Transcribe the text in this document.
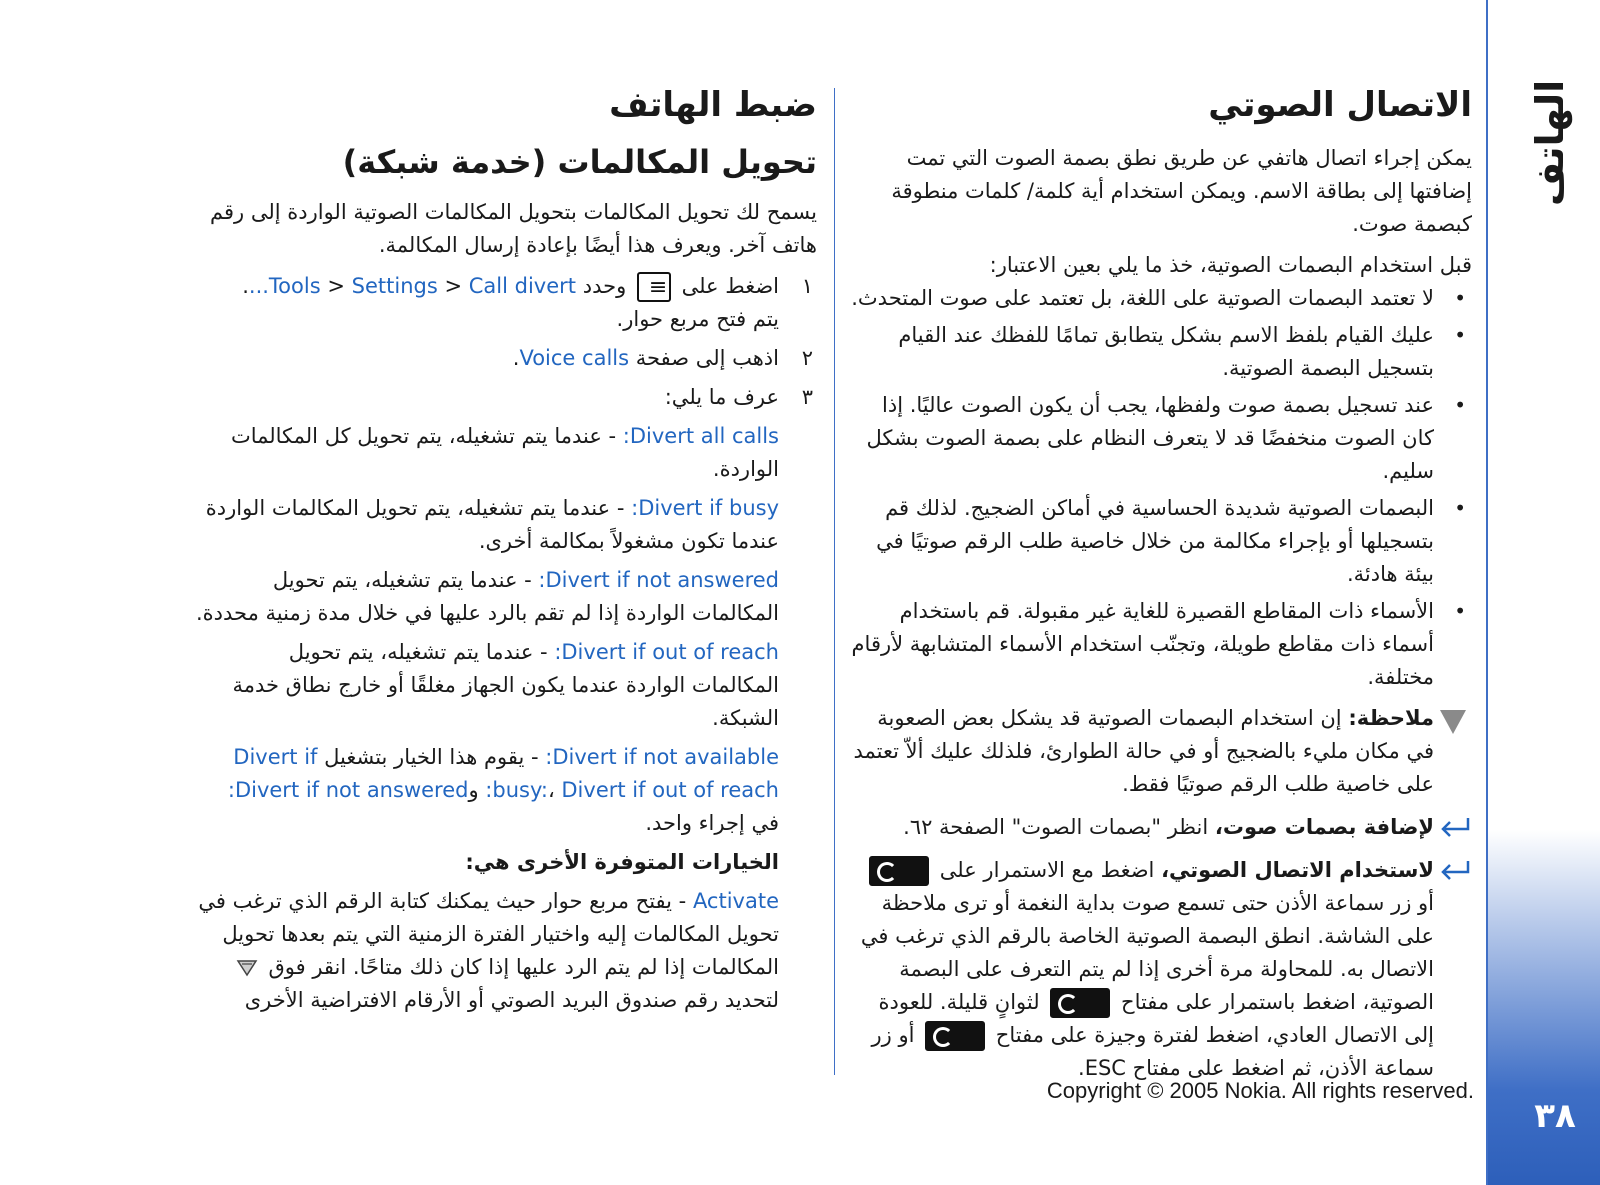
الهاتف
٣٨
الاتصال الصوتي

يمكن إجراء اتصال هاتفي عن طريق نطق بصمة الصوت التي تمت إضافتها إلى بطاقة الاسم. ويمكن استخدام أية كلمة/ كلمات منطوقة كبصمة صوت.

قبل استخدام البصمات الصوتية، خذ ما يلي بعين الاعتبار:

• لا تعتمد البصمات الصوتية على اللغة، بل تعتمد على صوت المتحدث.
• عليك القيام بلفظ الاسم بشكل يتطابق تمامًا للفظك عند القيام بتسجيل البصمة الصوتية.
• عند تسجيل بصمة صوت ولفظها، يجب أن يكون الصوت عاليًا. إذا كان الصوت منخفضًا قد لا يتعرف النظام على بصمة الصوت بشكل سليم.
• البصمات الصوتية شديدة الحساسية في أماكن الضجيج. لذلك قم بتسجيلها أو بإجراء مكالمة من خلال خاصية طلب الرقم صوتيًا في بيئة هادئة.
• الأسماء ذات المقاطع القصيرة للغاية غير مقبولة. قم باستخدام أسماء ذات مقاطع طويلة، وتجنّب استخدام الأسماء المتشابهة لأرقام مختلفة.
ملاحظة: إن استخدام البصمات الصوتية قد يشكل بعض الصعوبة في مكان مليء بالضجيج أو في حالة الطوارئ، فلذلك عليك ألاّ تعتمد على خاصية طلب الرقم صوتيًا فقط.
لإضافة بصمات صوت، انظر "بصمات الصوت" الصفحة ٦٢.
لاستخدام الاتصال الصوتي، اضغط مع الاستمرار على  أو زر سماعة الأذن حتى تسمع صوت بداية النغمة أو ترى ملاحظة على الشاشة. انطق البصمة الصوتية الخاصة بالرقم الذي ترغب في الاتصال به. للمحاولة مرة أخرى إذا لم يتم التعرف على البصمة الصوتية، اضغط باستمرار على مفتاح  لثوانٍ قليلة. للعودة إلى الاتصال العادي، اضغط لفترة وجيزة على مفتاح  أو زر سماعة الأذن، ثم اضغط على مفتاح ESC.
ضبط الهاتف
تحويل المكالمات (خدمة شبكة)

يسمح لك تحويل المكالمات بتحويل المكالمات الصوتية الواردة إلى رقم هاتف آخر. ويعرف هذا أيضًا بإعادة إرسال المكالمة.

١
اضغط على ≡ وحدد Tools > Settings > Call divert....
يتم فتح مربع حوار.
٢
اذهب إلى صفحة Voice calls.
٣
عرف ما يلي:
Divert all calls: - عندما يتم تشغيله، يتم تحويل كل المكالمات الواردة.
Divert if busy: - عندما يتم تشغيله، يتم تحويل المكالمات الواردة عندما تكون مشغولاً بمكالمة أخرى.
Divert if not answered: - عندما يتم تشغيله، يتم تحويل المكالمات الواردة إذا لم تقم بالرد عليها في خلال مدة زمنية محددة.
Divert if out of reach: - عندما يتم تشغيله، يتم تحويل المكالمات الواردة عندما يكون الجهاز مغلقًا أو خارج نطاق خدمة الشبكة.
Divert if not available: - يقوم هذا الخيار بتشغيل Divert if busy:، Divert if out of reach: وDivert if not answered: في إجراء واحد.
الخيارات المتوفرة الأخرى هي:
Activate - يفتح مربع حوار حيث يمكنك كتابة الرقم الذي ترغب في تحويل المكالمات إليه واختيار الفترة الزمنية التي يتم بعدها تحويل المكالمات إذا لم يتم الرد عليها إذا كان ذلك متاحًا. انقر فوق  لتحديد رقم صندوق البريد الصوتي أو الأرقام الافتراضية الأخرى
Copyright © 2005 Nokia. All rights reserved.
